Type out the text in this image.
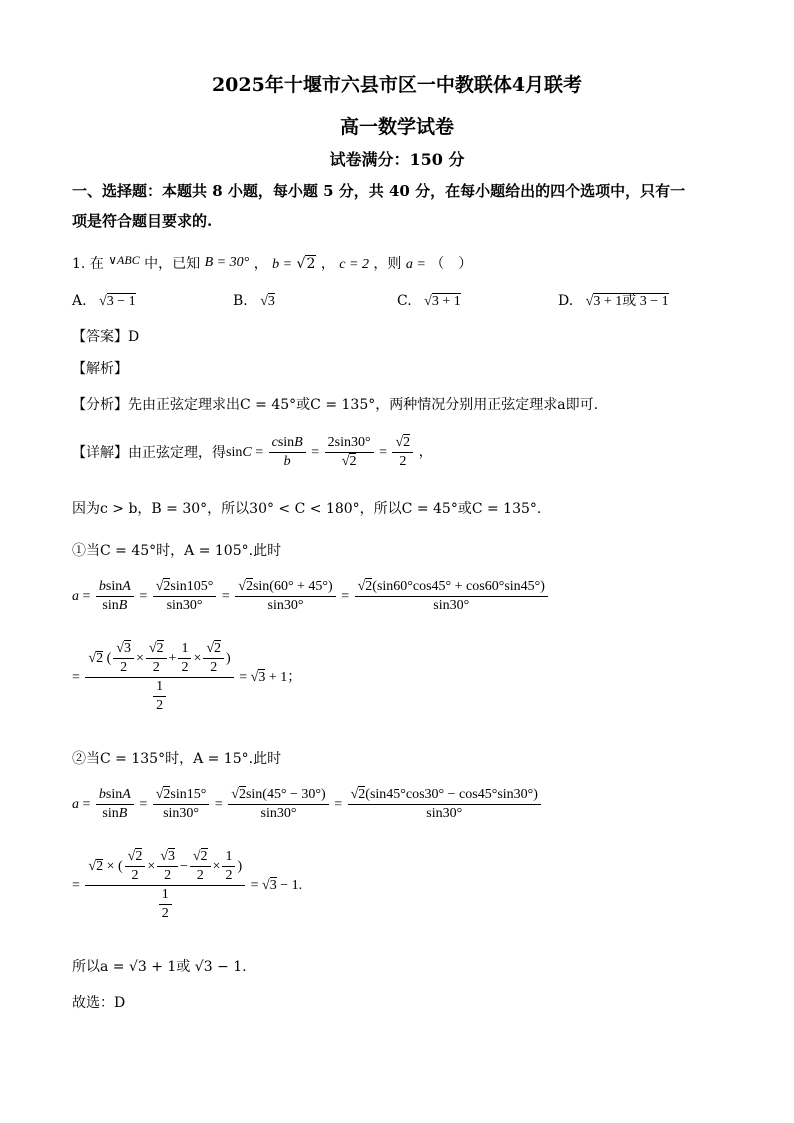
2025年十堰市六县市区一中教联体4月联考
高一数学试卷
试卷满分：150 分
一、选择题：本题共 8 小题，每小题 5 分，共 40 分，在每小题给出的四个选项中，只有一
项是符合题目要求的.
1. 在 ∨ABC 中，已知 B = 30° ， b = √2 ， c = 2 ，则 a = （　）
A. √3 − 1	B. √3	C. √3 + 1	D. √3 + 1或 3 − 1
【答案】D
【解析】
【分析】先由正弦定理求出C = 45°或C = 135°，两种情况分别用正弦定理求a即可.
【详解】 由正弦定理，得 $\sin C = \frac{csinB}{b} = \frac{2\sin 30^\circ}{√2} = \frac{√2}{2}$ ，
因为c > b，B = 30°，所以30° < C < 180°，所以C = 45°或C = 135°.
①当C = 45°时，A = 105°.此时
$a = \frac{bsinA}{\sin B} = \frac{√2\sin 105^\circ}{\sin 30^\circ} = \frac{√2\sin(60^\circ + 45^\circ)}{\sin 30^\circ} = \frac{√2(\sin 60^\circ\cos 45^\circ + \cos 60^\circ\sin 45^\circ)}{\sin 30^\circ}$
= $\frac{√ 2 ( \frac{√3}{2} \times \frac{√2}{2} + \frac{1}{2} \times \frac{√2}{2} )}{\frac{1}{2}} = √3 + 1$；
②当C = 135°时，A = 15°.此时
$a = \frac{bsinA}{\sin B} = \frac{√2\sin 15^\circ}{\sin 30^\circ} = \frac{√2\sin(45^\circ - 30^\circ)}{\sin 30^\circ} = \frac{√2(\sin 45^\circ\cos 30^\circ - \cos 45^\circ\sin 30^\circ)}{\sin 30^\circ}$
= $\frac{√ 2 \times ( \frac{√2}{2} \times \frac{√3}{2} - \frac{√2}{2} \times \frac{1}{2} )}{\frac{1}{2}} = √3 - 1$.
所以a = √3 + 1或 √3 − 1.
故选：D
